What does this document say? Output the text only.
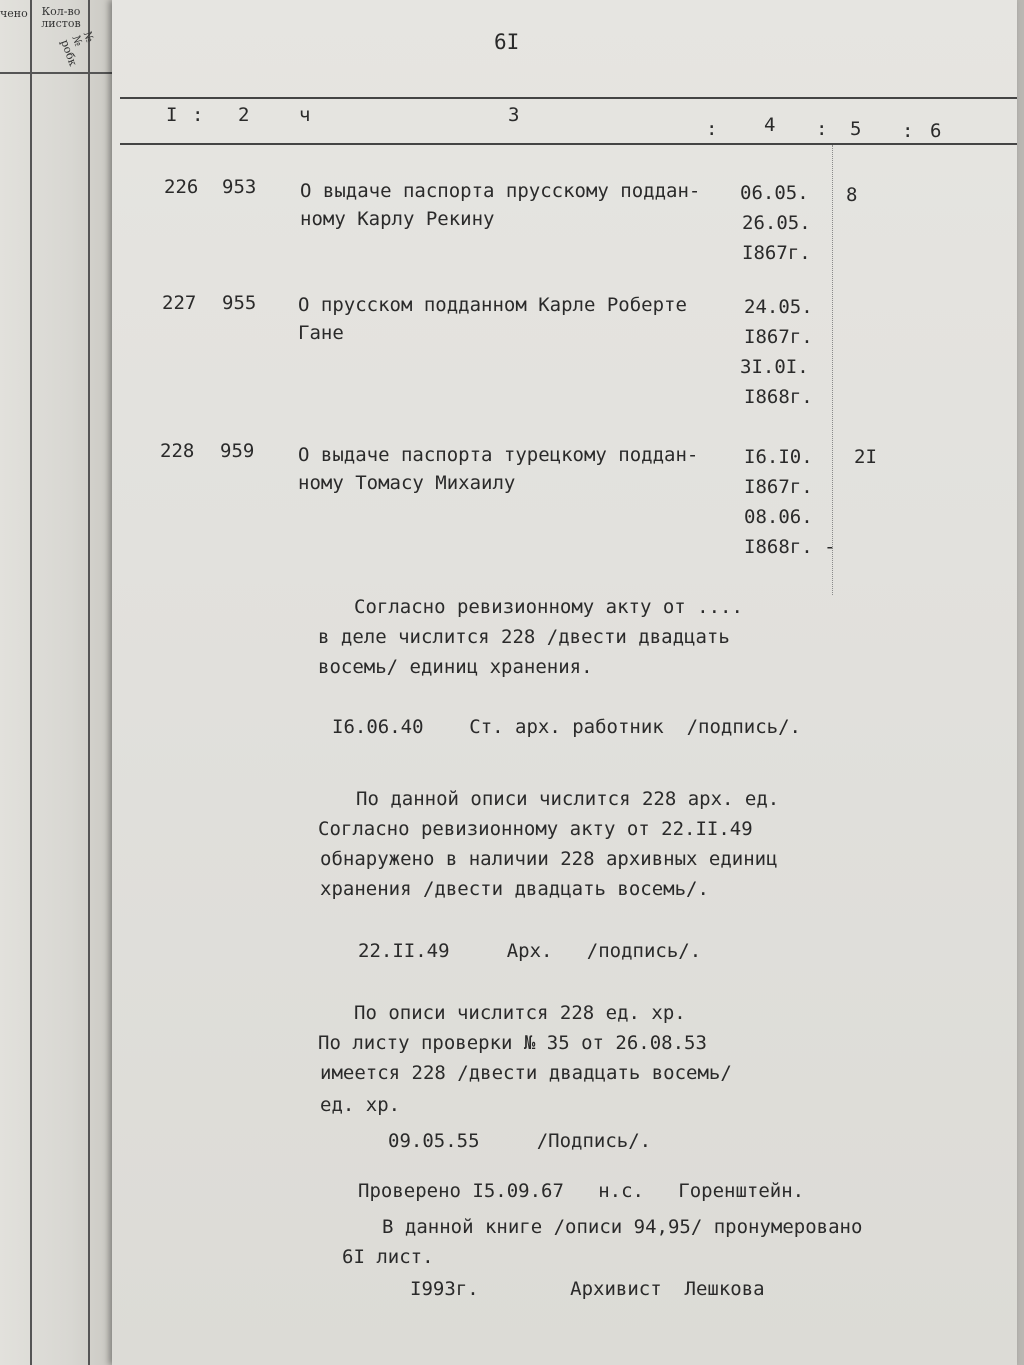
чено	Кол-во листов
№ № робк	6I
I : 2	ч	3
: 4 : 5 : 6
226 953 О выдаче паспорта прусскому поддан-
ному Карлу Рекину
06.05.
26.05.
I867г.
8
227 955 О прусском подданном Карле Роберте
Гане
24.05.
I867г.
3I.0I.
I868г.
228 959 О выдаче паспорта турецкому поддан-
ному Томасу Михаилу
I6.I0.
I867г.
08.06.
I868г. -
2I
Согласно ревизионному акту от ....
в деле числится 228 /двести двадцать
восемь/ единиц хранения.
I6.06.40    Ст. арх. работник  /подпись/.
По данной описи числится 228 арх. ед.
Согласно ревизионному акту от 22.II.49
обнаружено в наличии 228 архивных единиц
хранения /двести двадцать восемь/.
22.II.49     Арх.   /подпись/.
По описи числится 228 ед. хр.
По листу проверки № 35 от 26.08.53
имеется 228 /двести двадцать восемь/
ед. хр.
09.05.55     /Подпись/.
Проверено I5.09.67   н.с.   Горенштейн.
В данной книге /описи 94,95/ пронумеровано
6I лист.
I993г.        Архивист  Лешкова
